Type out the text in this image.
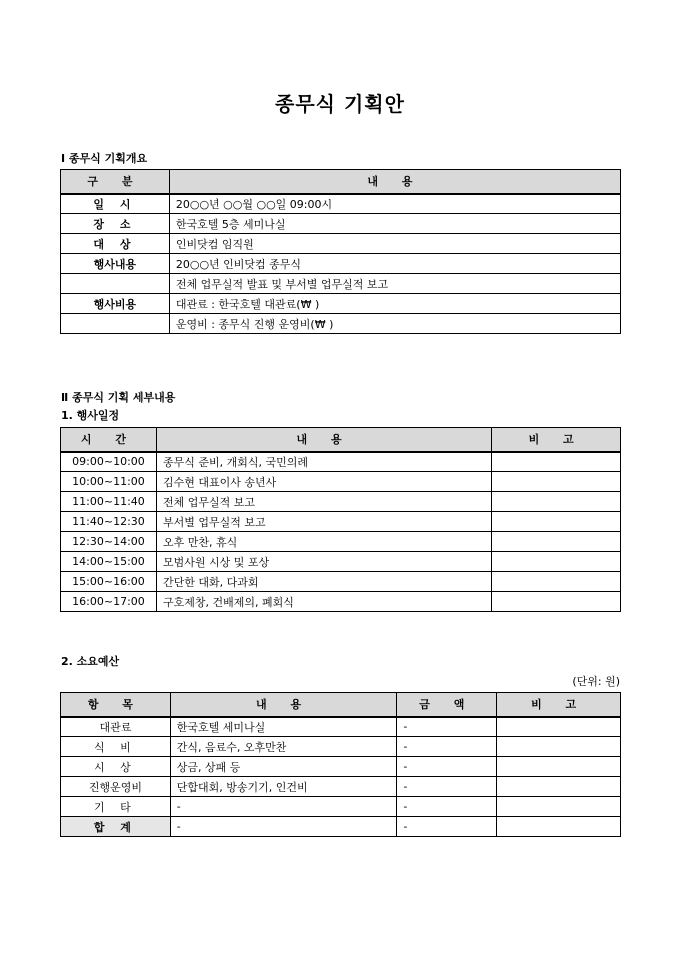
종무식 기획안
Ⅰ 종무식 기획개요
구 분	내 용
일 시	20○○년 ○○월 ○○일 09:00시
장 소	한국호텔 5층 세미나실
대 상	인비닷컴 임직원
행사내용	20○○년 인비닷컴 종무식
	전체 업무실적 발표 및 부서별 업무실적 보고
행사비용	대관료 : 한국호텔 대관료(₩ )
	운영비 : 종무식 진행 운영비(₩ )
Ⅱ 종무식 기획 세부내용
1. 행사일정
시 간	내 용	비 고
09:00~10:00	종무식 준비, 개회식, 국민의례	
10:00~11:00	김수현 대표이사 송년사	
11:00~11:40	전체 업무실적 보고	
11:40~12:30	부서별 업무실적 보고	
12:30~14:00	오후 만찬, 휴식	
14:00~15:00	모범사원 시상 및 포상	
15:00~16:00	간단한 대화, 다과회	
16:00~17:00	구호제창, 건배제의, 폐회식	
2. 소요예산
(단위: 원)
항 목	내 용	금 액	비 고
대관료	한국호텔 세미나실	-	
식 비	간식, 음료수, 오후만찬	-	
시 상	상금, 상패 등	-	
진행운영비	단합대회, 방송기기, 인건비	-	
기 타	-	-	
합 계	-	-	
